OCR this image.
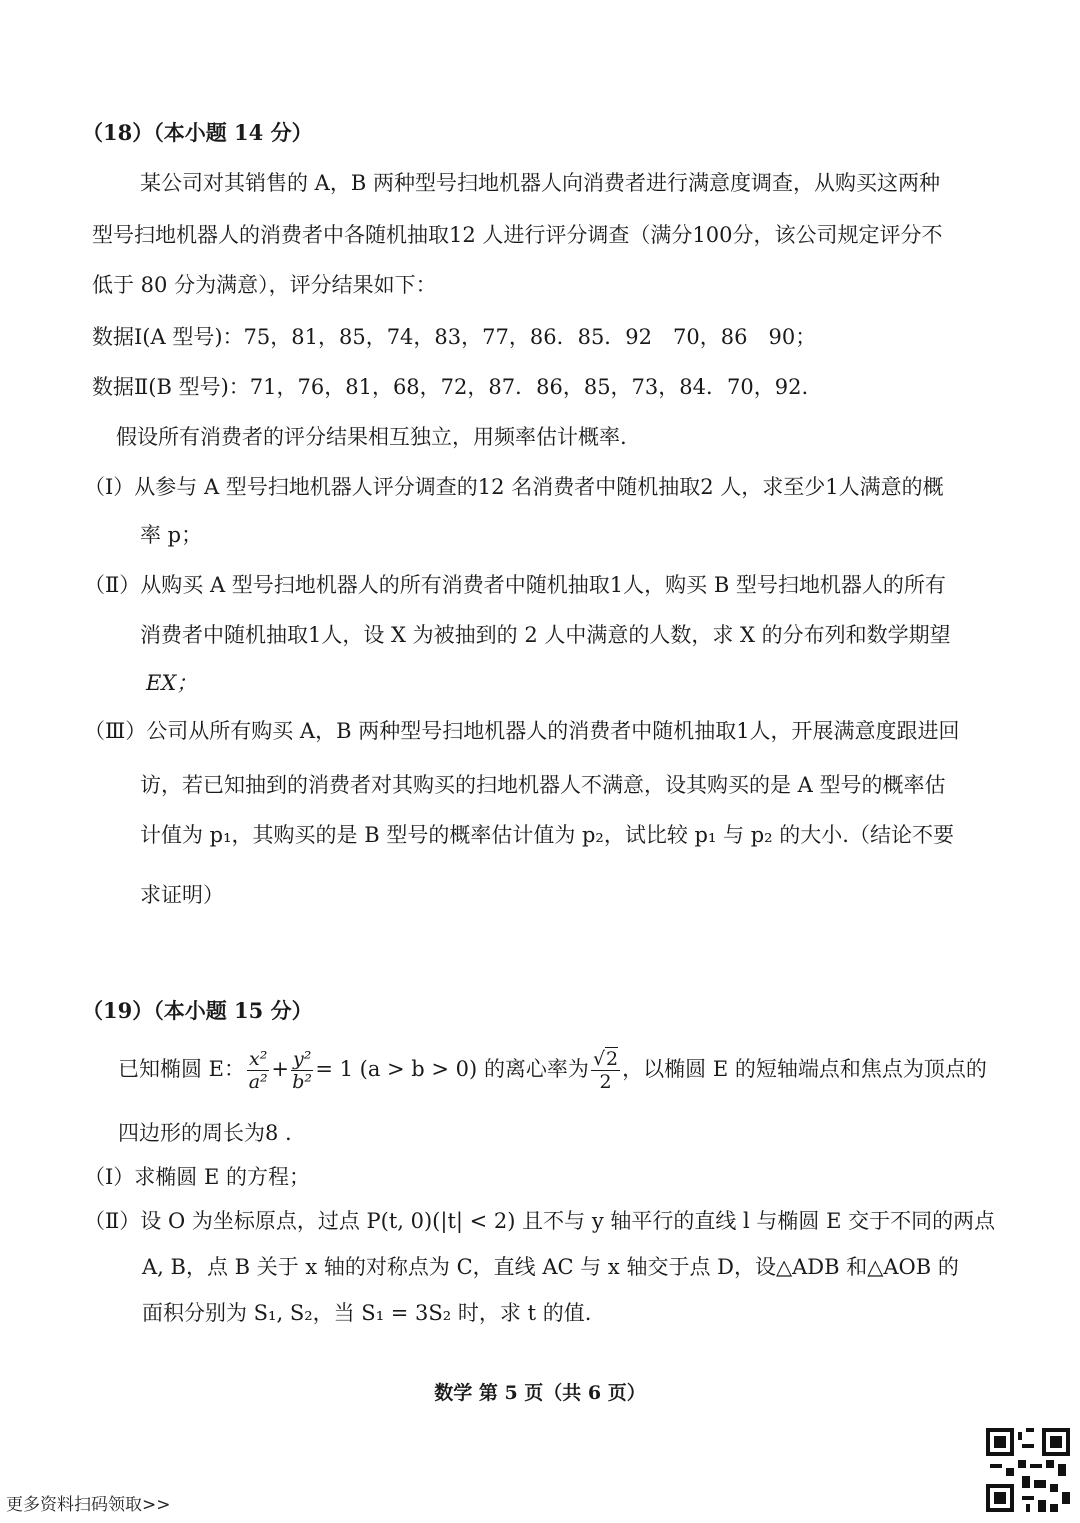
（18）（本小题 14 分）
某公司对其销售的 A，B 两种型号扫地机器人向消费者进行满意度调查，从购买这两种
型号扫地机器人的消费者中各随机抽取12 人进行评分调查（满分100分，该公司规定评分不
低于 80 分为满意），评分结果如下：
数据Ⅰ(A 型号)：75，81，85，74，83，77，86．85．92　70，86　90；
数据Ⅱ(B 型号)：71，76，81，68，72，87．86，85，73，84．70，92.
假设所有消费者的评分结果相互独立，用频率估计概率.
（Ⅰ）从参与 A 型号扫地机器人评分调查的12 名消费者中随机抽取2 人，求至少1人满意的概
率 p；
（Ⅱ）从购买 A 型号扫地机器人的所有消费者中随机抽取1人，购买 B 型号扫地机器人的所有
消费者中随机抽取1人，设 X 为被抽到的 2 人中满意的人数，求 X 的分布列和数学期望
EX；
（Ⅲ）公司从所有购买 A，B 两种型号扫地机器人的消费者中随机抽取1人，开展满意度跟进回
访，若已知抽到的消费者对其购买的扫地机器人不满意，设其购买的是 A 型号的概率估
计值为 p₁，其购买的是 B 型号的概率估计值为 p₂，试比较 p₁ 与 p₂ 的大小.（结论不要
求证明）
（19）（本小题 15 分）
已知椭圆 E： $\frac{\text{x²}}{\text{a²}} + \frac{\text{y²}}{\text{b²}} = 1$ (a > b > 0) 的离心率为 $\frac{√2}{2}$ ，以椭圆 E 的短轴端点和焦点为顶点的
四边形的周长为8 .
（Ⅰ）求椭圆 E 的方程；
（Ⅱ）设 O 为坐标原点，过点 P(t, 0)(|t| < 2) 且不与 y 轴平行的直线 l 与椭圆 E 交于不同的两点
A, B，点 B 关于 x 轴的对称点为 C，直线 AC 与 x 轴交于点 D，设△ADB 和△AOB 的
面积分别为 S₁, S₂，当 S₁ = 3S₂ 时，求 t 的值.
数学 第 5 页（共 6 页）
更多资料扫码领取>>
